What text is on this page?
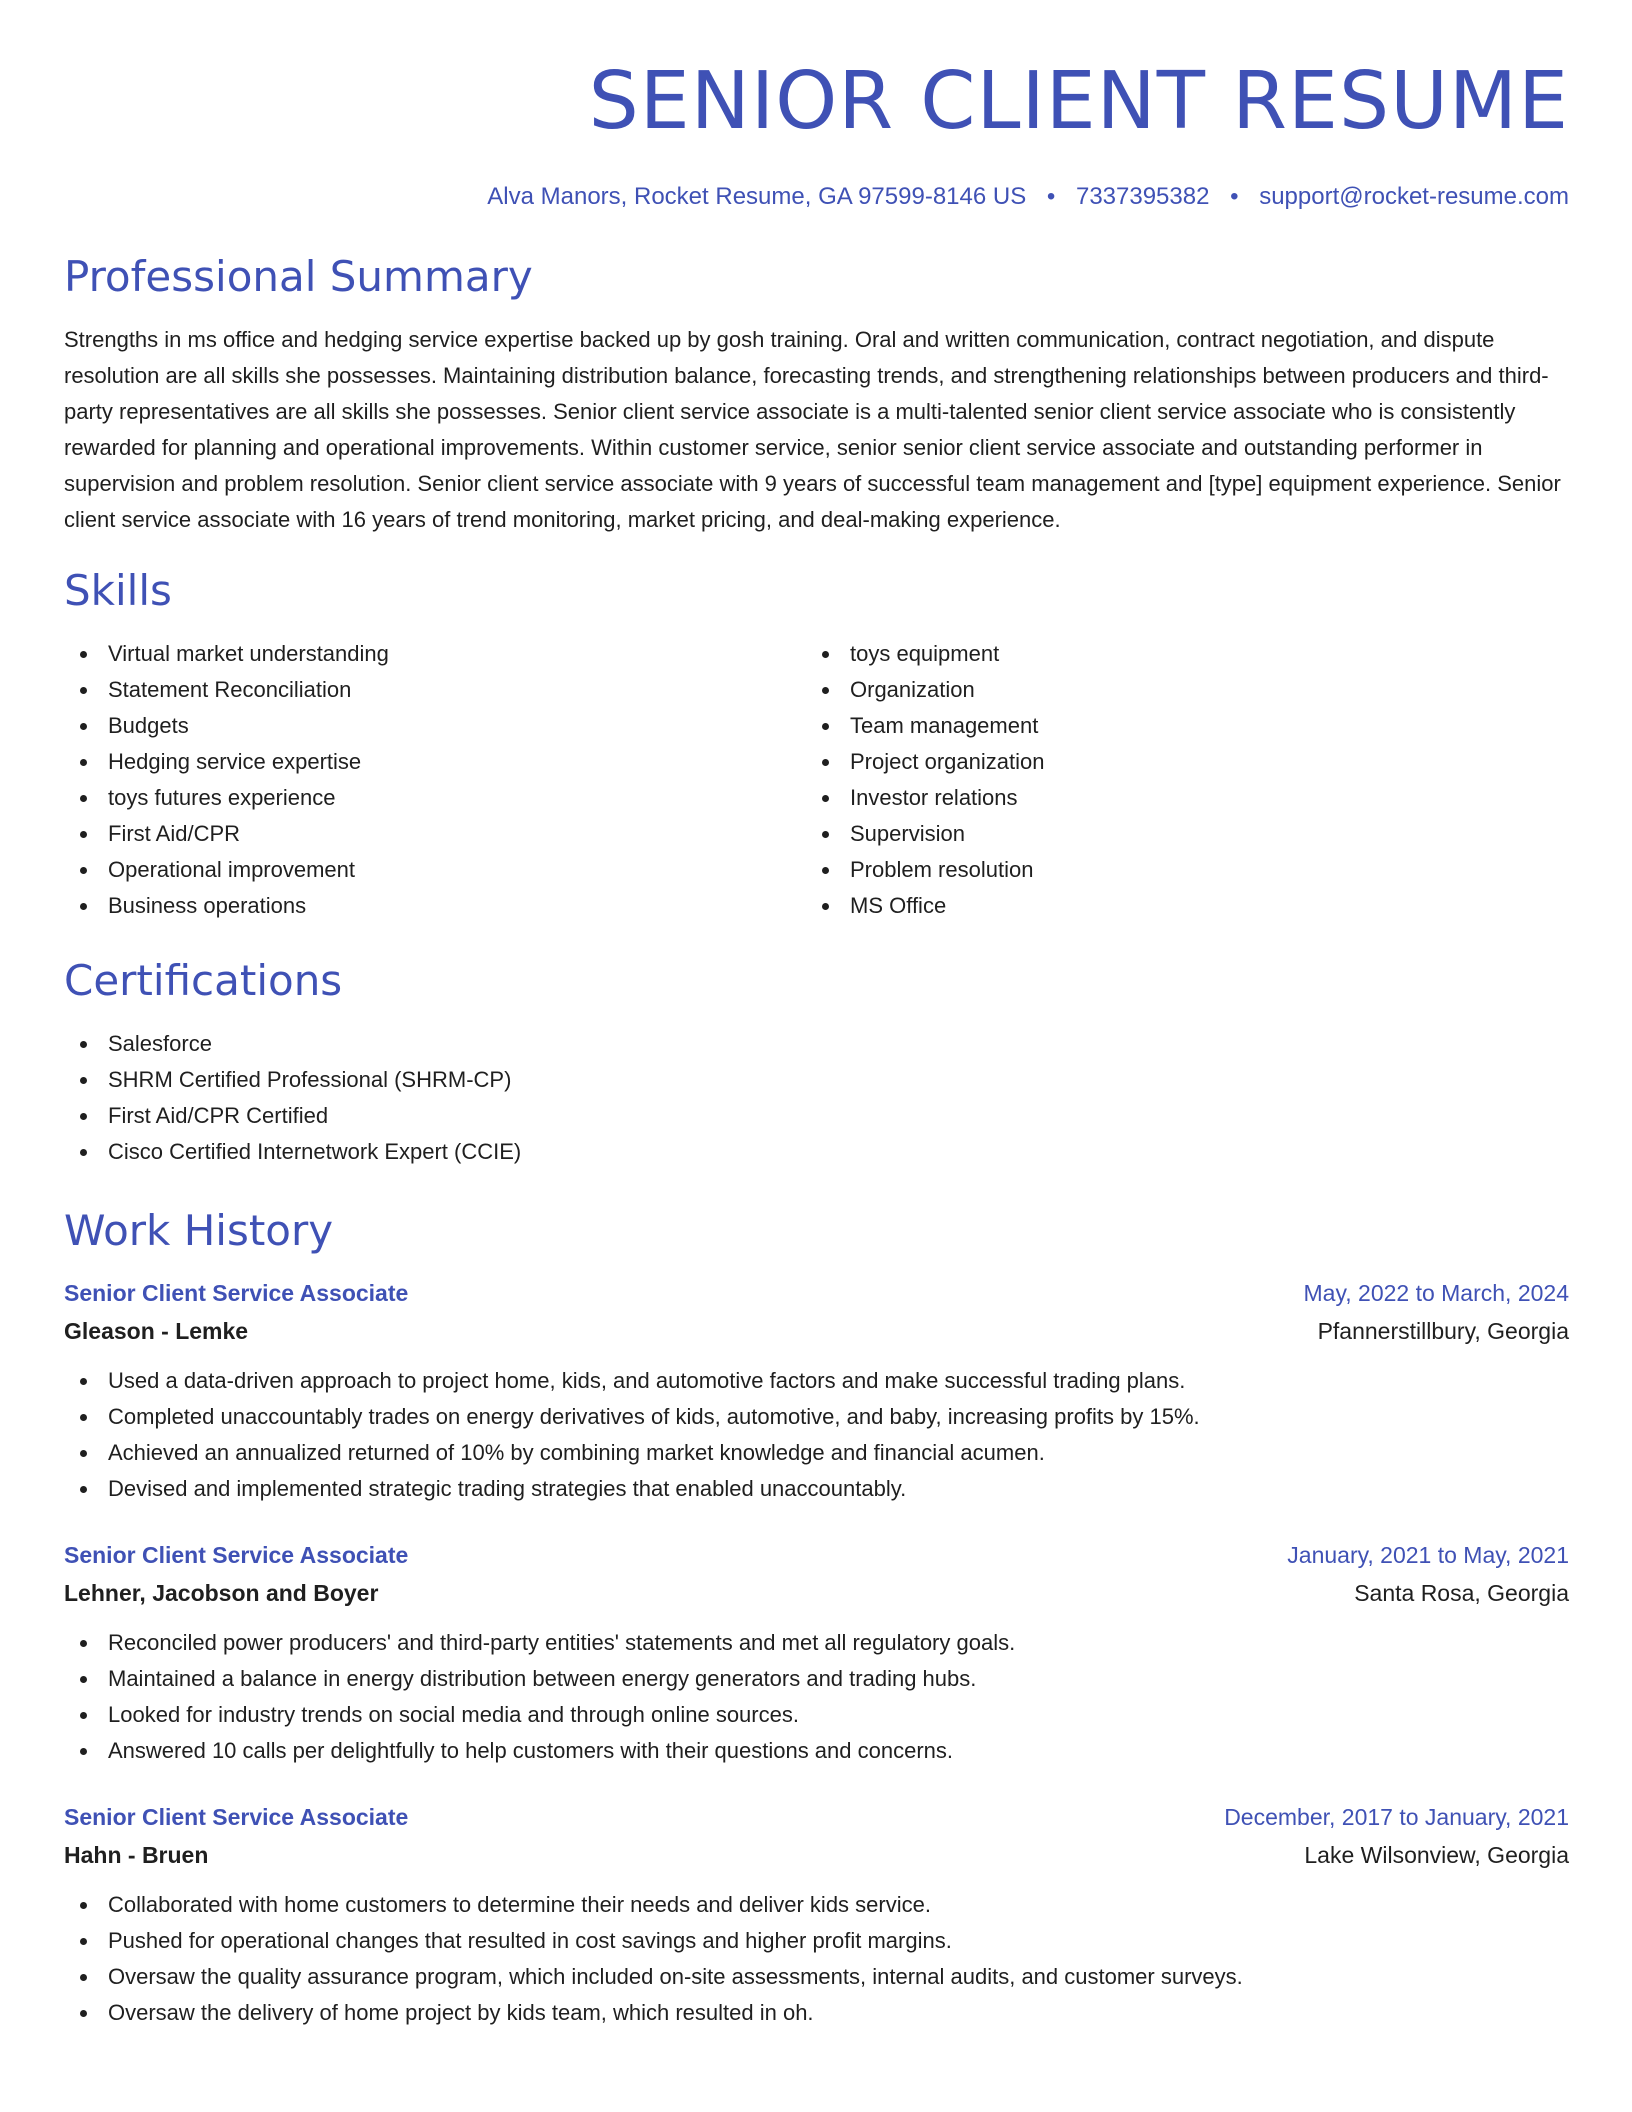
SENIOR CLIENT RESUME
Alva Manors, Rocket Resume, GA 97599-8146 US • 7337395382 • support@rocket-resume.com
Professional Summary
Strengths in ms office and hedging service expertise backed up by gosh training. Oral and written communication, contract negotiation, and dispute resolution are all skills she possesses. Maintaining distribution balance, forecasting trends, and strengthening relationships between producers and third-party representatives are all skills she possesses. Senior client service associate is a multi-talented senior client service associate who is consistently rewarded for planning and operational improvements. Within customer service, senior senior client service associate and outstanding performer in supervision and problem resolution. Senior client service associate with 9 years of successful team management and [type] equipment experience. Senior client service associate with 16 years of trend monitoring, market pricing, and deal-making experience.
Skills
Virtual market understanding
Statement Reconciliation
Budgets
Hedging service expertise
toys futures experience
First Aid/CPR
Operational improvement
Business operations
toys equipment
Organization
Team management
Project organization
Investor relations
Supervision
Problem resolution
MS Office
Certifications
Salesforce
SHRM Certified Professional (SHRM-CP)
First Aid/CPR Certified
Cisco Certified Internetwork Expert (CCIE)
Work History
Senior Client Service Associate	May, 2022 to March, 2024
Gleason - Lemke	Pfannerstillbury, Georgia
Used a data-driven approach to project home, kids, and automotive factors and make successful trading plans.
Completed unaccountably trades on energy derivatives of kids, automotive, and baby, increasing profits by 15%.
Achieved an annualized returned of 10% by combining market knowledge and financial acumen.
Devised and implemented strategic trading strategies that enabled unaccountably.
Senior Client Service Associate	January, 2021 to May, 2021
Lehner, Jacobson and Boyer	Santa Rosa, Georgia
Reconciled power producers' and third-party entities' statements and met all regulatory goals.
Maintained a balance in energy distribution between energy generators and trading hubs.
Looked for industry trends on social media and through online sources.
Answered 10 calls per delightfully to help customers with their questions and concerns.
Senior Client Service Associate	December, 2017 to January, 2021
Hahn - Bruen	Lake Wilsonview, Georgia
Collaborated with home customers to determine their needs and deliver kids service.
Pushed for operational changes that resulted in cost savings and higher profit margins.
Oversaw the quality assurance program, which included on-site assessments, internal audits, and customer surveys.
Oversaw the delivery of home project by kids team, which resulted in oh.
